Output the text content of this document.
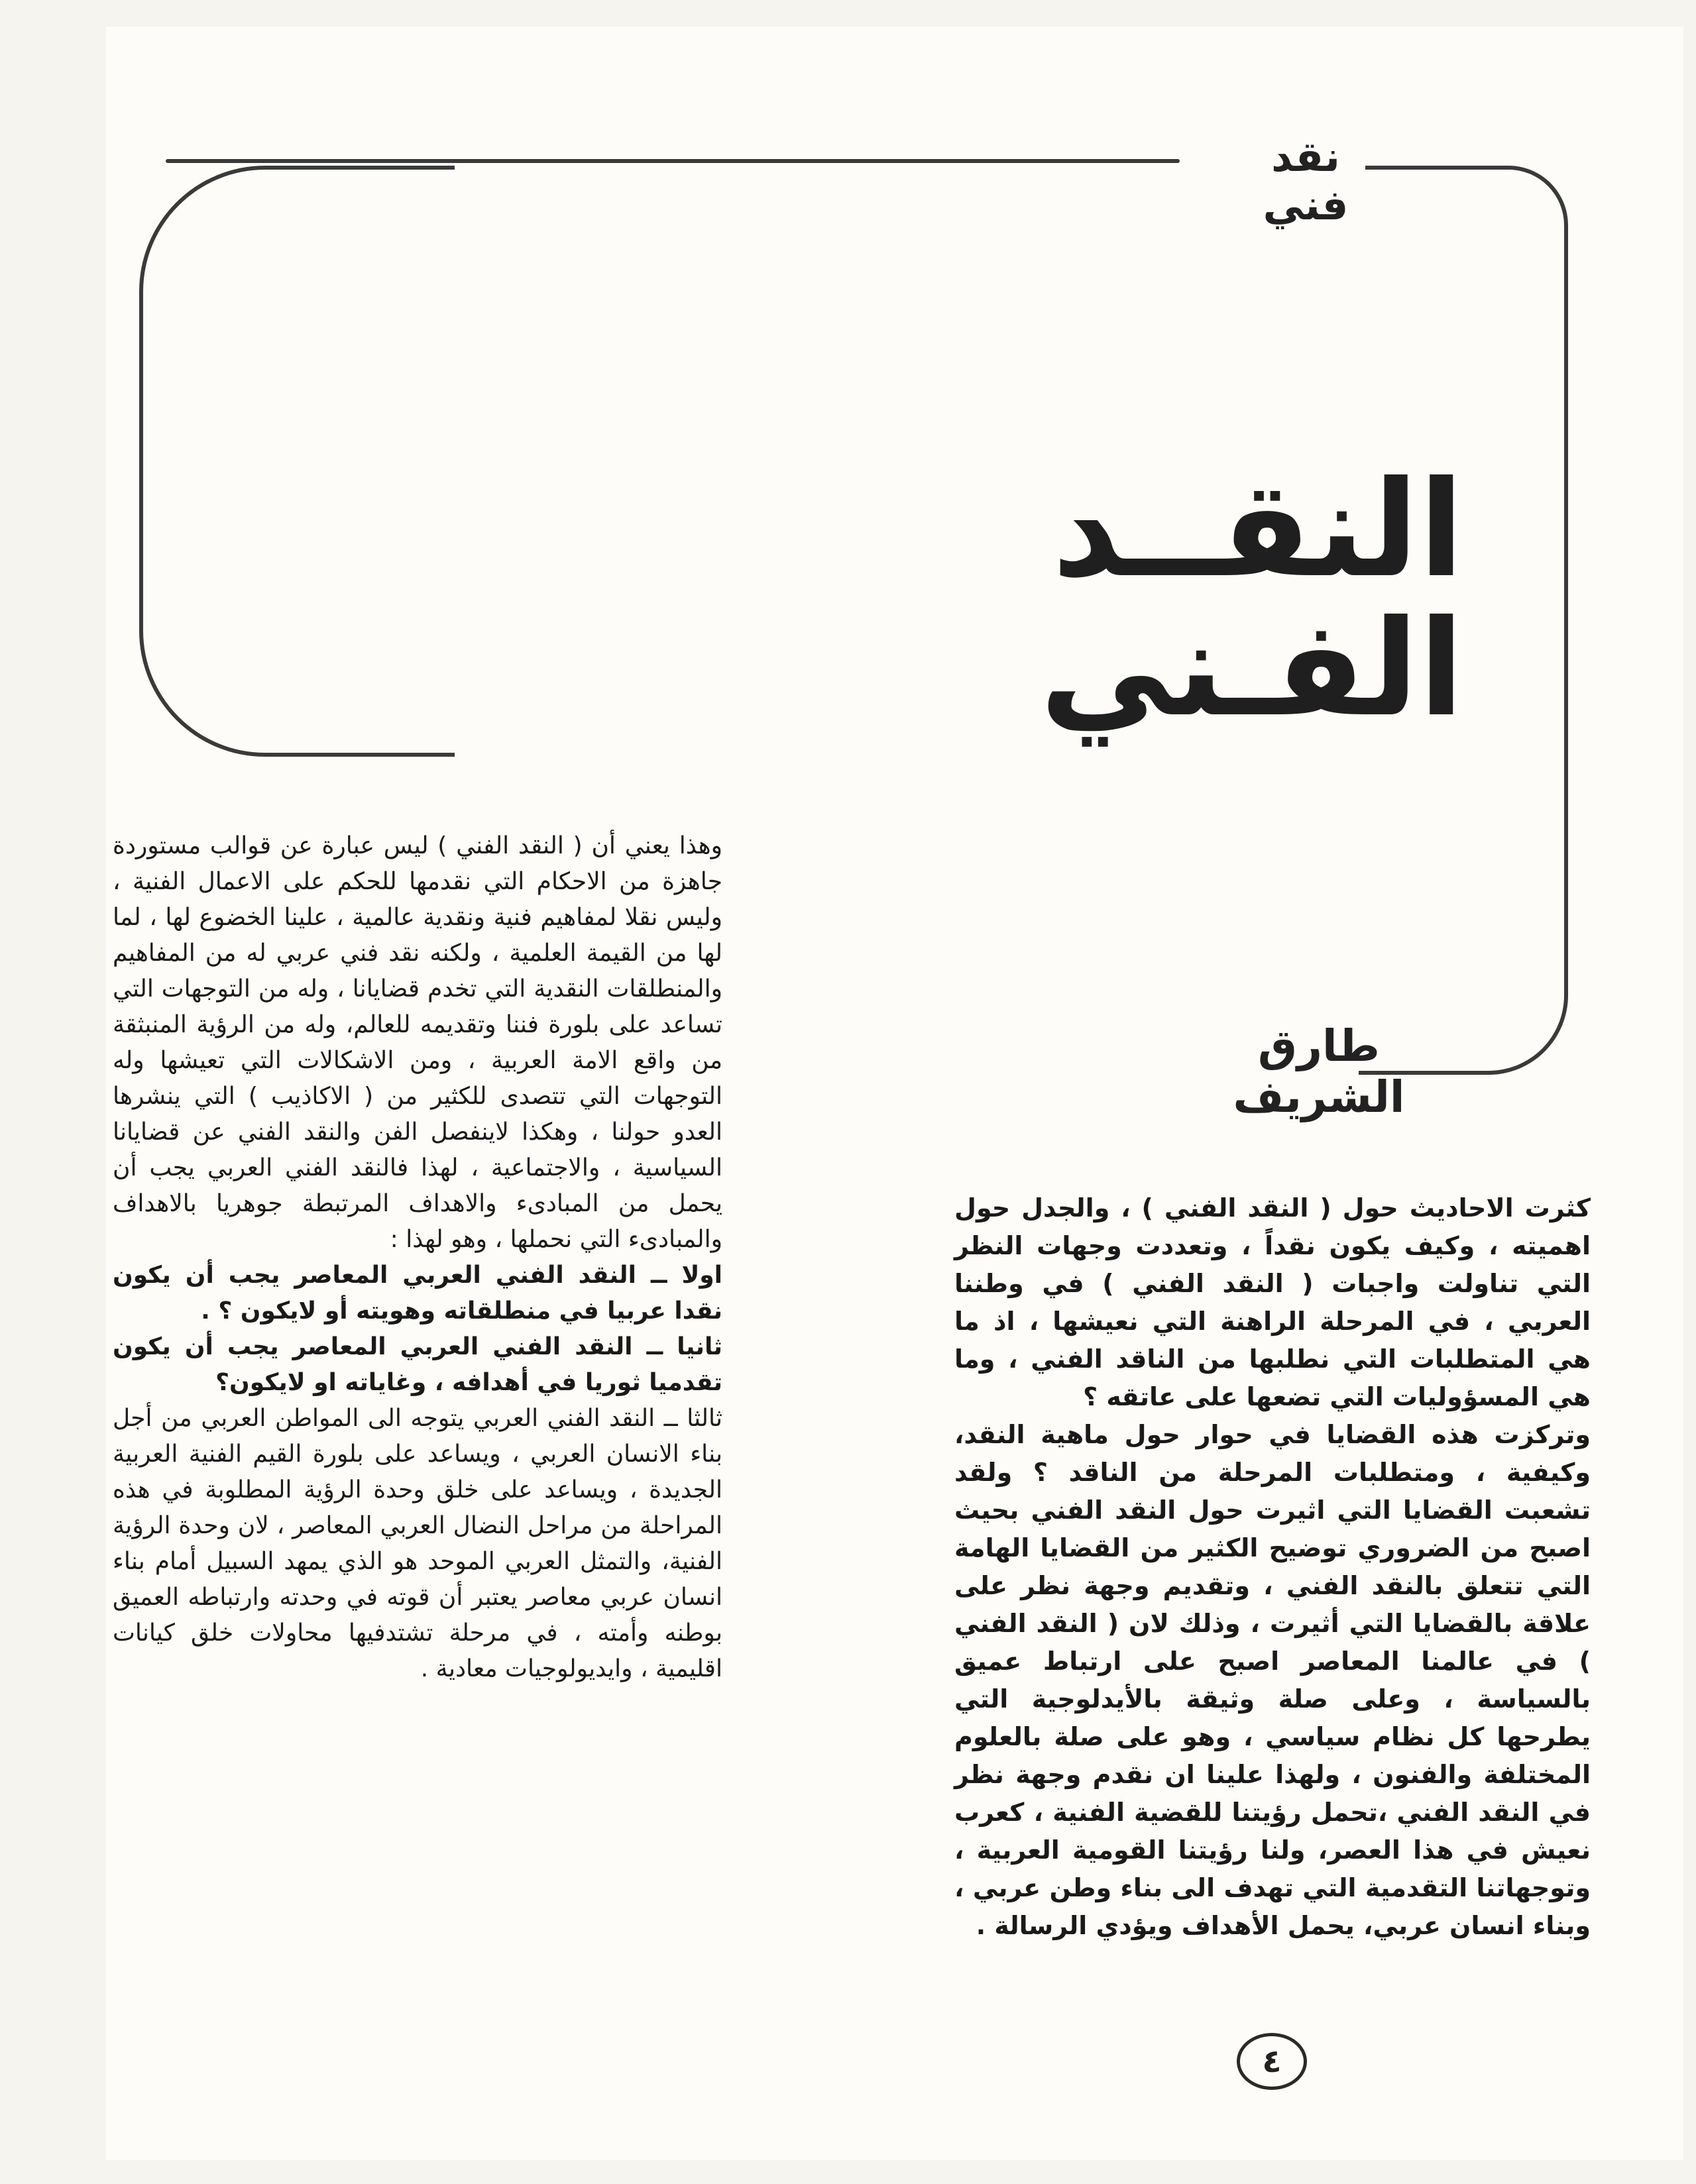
نقد فني
النقــد
الفـني
طارق الشريف

وهذا يعني أن ( النقد الفني ) ليس عبارة عن قوالب مستوردة جاهزة من الاحكام التي نقدمها للحكم على الاعمال الفنية ، وليس نقلا لمفاهيم فنية ونقدية عالمية ، علينا الخضوع لها ، لما لها من القيمة العلمية ، ولكنه نقد فني عربي له من المفاهيم والمنطلقات النقدية التي تخدم قضايانا ، وله من التوجهات التي تساعد على بلورة فننا وتقديمه للعالم، وله من الرؤية المنبثقة من واقع الامة العربية ، ومن الاشكالات التي تعيشها وله التوجهات التي تتصدى للكثير من ( الاكاذيب ) التي ينشرها العدو حولنا ، وهكذا لاينفصل الفن والنقد الفني عن قضايانا السياسية ، والاجتماعية ، لهذا فالنقد الفني العربي يجب أن يحمل من المبادىء والاهداف المرتبطة جوهريا بالاهداف والمبادىء التي نحملها ، وهو لهذا :

اولا ــ النقد الفني العربي المعاصر يجب أن يكون نقدا عربيا في منطلقاته وهويته أو لايكون ؟ .

ثانيا ــ النقد الفني العربي المعاصر يجب أن يكون تقدميا ثوريا في أهدافه ، وغاياته او لايكون؟

ثالثا ــ النقد الفني العربي يتوجه الى المواطن العربي من أجل بناء الانسان العربي ، ويساعد على بلورة القيم الفنية العربية الجديدة ، ويساعد على خلق وحدة الرؤية المطلوبة في هذه المراحلة من مراحل النضال العربي المعاصر ، لان وحدة الرؤية الفنية، والتمثل العربي الموحد هو الذي يمهد السبيل أمام بناء انسان عربي معاصر يعتبر أن قوته في وحدته وارتباطه العميق بوطنه وأمته ، في مرحلة تشتدفيها محاولات خلق كيانات اقليمية ، وايديولوجيات معادية .

كثرت الاحاديث حول ( النقد الفني ) ، والجدل حول اهميته ، وكيف يكون نقداً ، وتعددت وجهات النظر التي تناولت واجبات ( النقد الفني ) في وطننا العربي ، في المرحلة الراهنة التي نعيشها ، اذ ما هي المتطلبات التي نطلبها من الناقد الفني ، وما هي المسؤوليات التي تضعها على عاتقه ؟

وتركزت هذه القضايا في حوار حول ماهية النقد، وكيفية ، ومتطلبات المرحلة من الناقد ؟ ولقد تشعبت القضايا التي اثيرت حول النقد الفني بحيث اصبح من الضروري توضيح الكثير من القضايا الهامة التي تتعلق بالنقد الفني ، وتقديم وجهة نظر على علاقة بالقضايا التي أثيرت ، وذلك لان ( النقد الفني ) في عالمنا المعاصر اصبح على ارتباط عميق بالسياسة ، وعلى صلة وثيقة بالأيدلوجية التي يطرحها كل نظام سياسي ، وهو على صلة بالعلوم المختلفة والفنون ، ولهذا علينا ان نقدم وجهة نظر في النقد الفني ،تحمل رؤيتنا للقضية الفنية ، كعرب نعيش في هذا العصر، ولنا رؤيتنا القومية العربية ، وتوجهاتنا التقدمية التي تهدف الى بناء وطن عربي ، وبناء انسان عربي، يحمل الأهداف ويؤدي الرسالة .

٤
